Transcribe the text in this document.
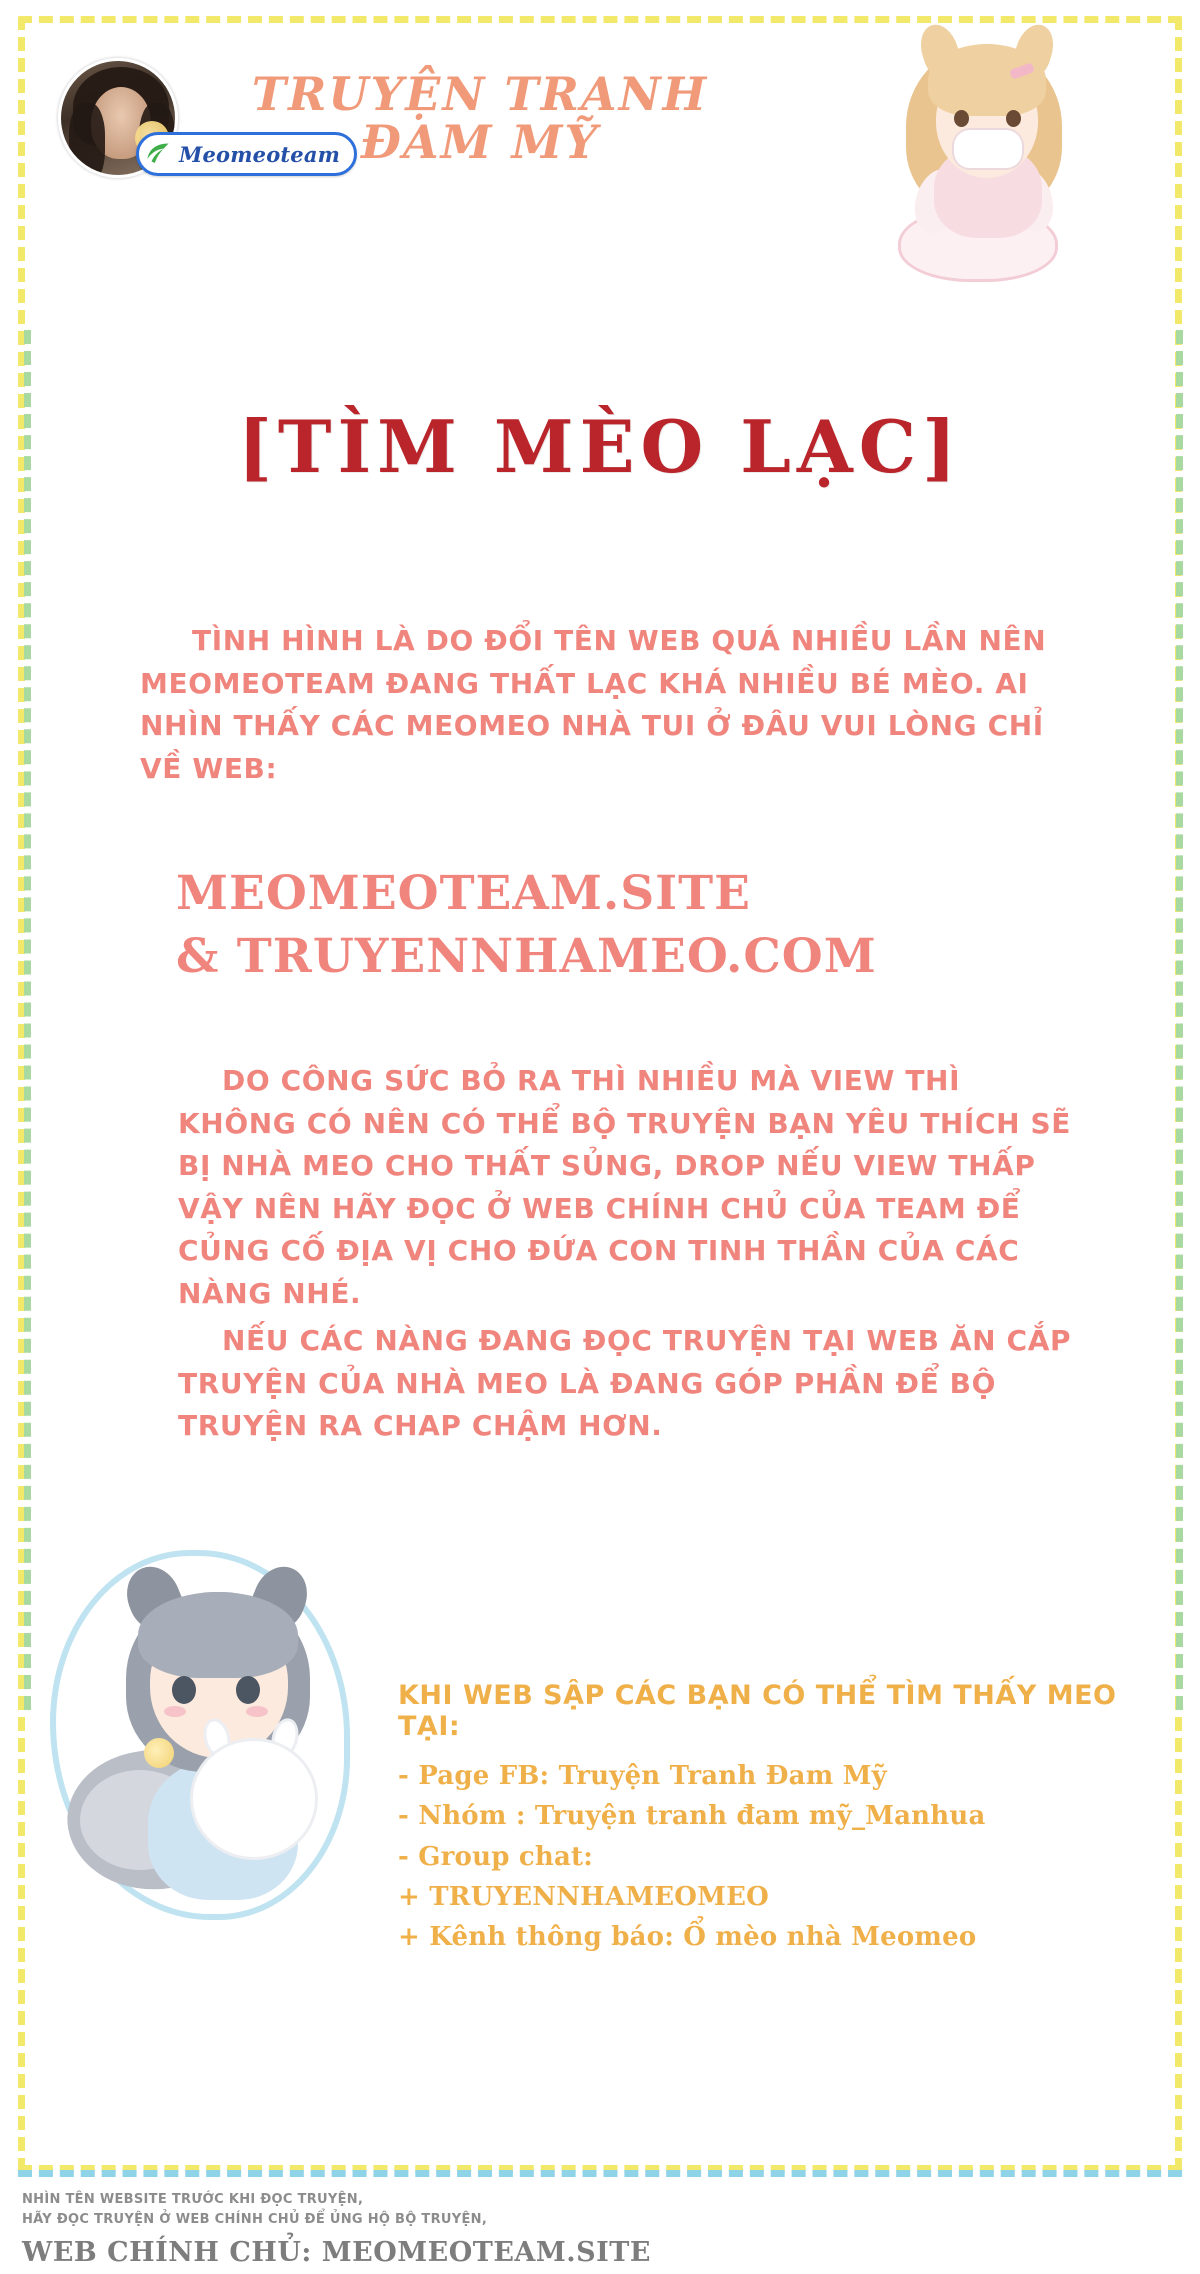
Meomeoteam
TRUYỆN TRANH
ĐAM MỸ
[TÌM MÈO LẠC]
TÌNH HÌNH LÀ DO ĐỔI TÊN WEB QUÁ NHIỀU LẦN NÊN MEOMEOTEAM ĐANG THẤT LẠC KHÁ NHIỀU BÉ MÈO. AI NHÌN THẤY CÁC MEOMEO NHÀ TUI Ở ĐÂU VUI LÒNG CHỈ VỀ WEB:
MEOMEOTEAM.SITE
& TRUYENNHAMEO.COM
DO CÔNG SỨC BỎ RA THÌ NHIỀU MÀ VIEW THÌ KHÔNG CÓ NÊN CÓ THỂ BỘ TRUYỆN BẠN YÊU THÍCH SẼ BỊ NHÀ MEO CHO THẤT SỦNG, DROP NẾU VIEW THẤP VẬY NÊN HÃY ĐỌC Ở WEB CHÍNH CHỦ CỦA TEAM ĐỂ CỦNG CỐ ĐỊA VỊ CHO ĐỨA CON TINH THẦN CỦA CÁC NÀNG NHÉ.
NẾU CÁC NÀNG ĐANG ĐỌC TRUYỆN TẠI WEB ĂN CẮP TRUYỆN CỦA NHÀ MEO LÀ ĐANG GÓP PHẦN ĐỂ BỘ TRUYỆN RA CHAP CHẬM HƠN.
KHI WEB SẬP CÁC BẠN CÓ THỂ TÌM THẤY MEO TẠI:
- Page FB: Truyện Tranh Đam Mỹ
- Nhóm : Truyện tranh đam mỹ_Manhua
- Group chat:
+ TRUYENNHAMEOMEO
+ Kênh thông báo: Ổ mèo nhà Meomeo
NHÌN TÊN WEBSITE TRƯỚC KHI ĐỌC TRUYỆN,
HÃY ĐỌC TRUYỆN Ở WEB CHÍNH CHỦ ĐỂ ỦNG HỘ BỘ TRUYỆN,
WEB CHÍNH CHỦ: MEOMEOTEAM.SITE
